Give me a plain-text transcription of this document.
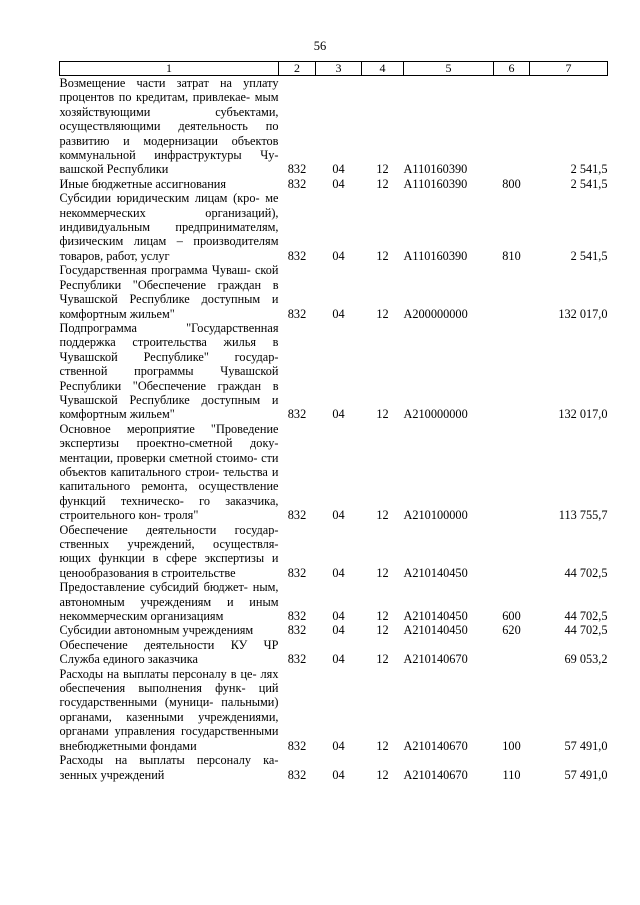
56
1	2	3	4	5	6	7
Возмещение части затрат на уплату процентов по кредитам, привлекае- мым хозяйствующими субъектами, осуществляющими деятельность по развитию и модернизации объектов коммунальной инфраструктуры Чу- вашской Республики	832	04	12	А110160390		2 541,5
Иные бюджетные ассигнования	832	04	12	А110160390	800	2 541,5
Субсидии юридическим лицам (кро- ме некоммерческих организаций), индивидуальным предпринимателям, физическим лицам – производителям товаров, работ, услуг	832	04	12	А110160390	810	2 541,5
Государственная программа Чуваш- ской Республики "Обеспечение граждан в Чувашской Республике доступным и комфортным жильем"	832	04	12	А200000000		132 017,0
Подпрограмма "Государственная поддержка строительства жилья в Чувашской Республике" государ- ственной программы Чувашской Республики "Обеспечение граждан в Чувашской Республике доступным и комфортным жильем"	832	04	12	А210000000		132 017,0
Основное мероприятие "Проведение экспертизы проектно-сметной доку- ментации, проверки сметной стоимо- сти объектов капитального строи- тельства и капитального ремонта, осуществление функций техническо- го заказчика, строительного кон- троля"	832	04	12	А210100000		113 755,7
Обеспечение деятельности государ- ственных учреждений, осуществля- ющих функции в сфере экспертизы и ценообразования в строительстве	832	04	12	А210140450		44 702,5
Предоставление субсидий бюджет- ным, автономным учреждениям и иным некоммерческим организациям	832	04	12	А210140450	600	44 702,5
Субсидии автономным учреждениям	832	04	12	А210140450	620	44 702,5
Обеспечение деятельности КУ ЧР Служба единого заказчика	832	04	12	А210140670		69 053,2
Расходы на выплаты персоналу в це- лях обеспечения выполнения функ- ций государственными (муници- пальными) органами, казенными учреждениями, органами управления государственными внебюджетными фондами	832	04	12	А210140670	100	57 491,0
Расходы на выплаты персоналу ка- зенных учреждений	832	04	12	А210140670	110	57 491,0
